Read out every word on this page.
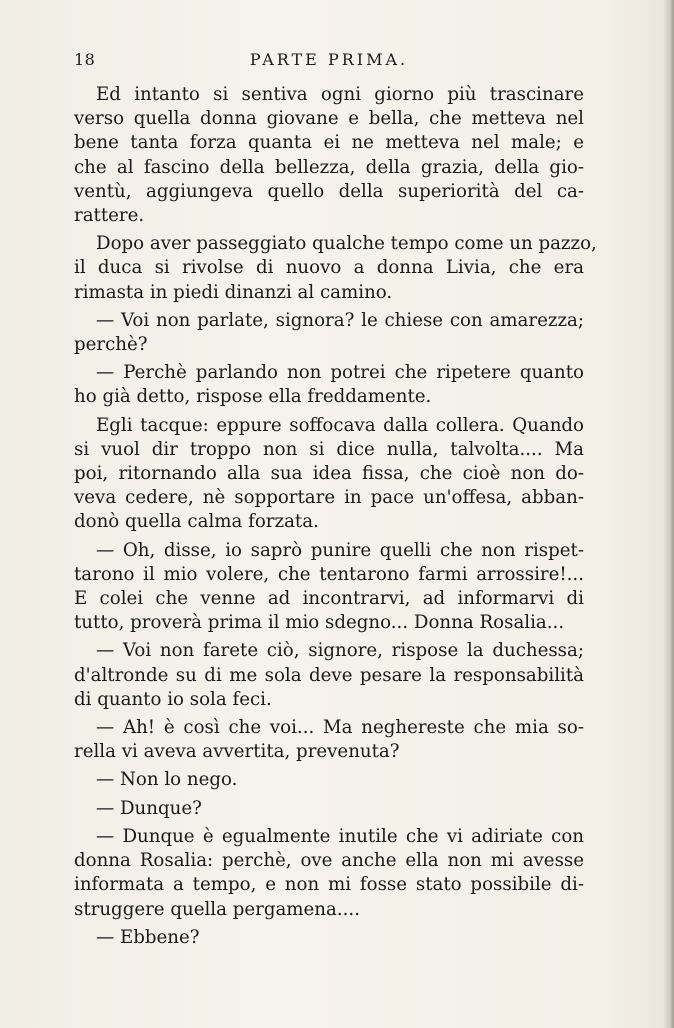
18	PARTE PRIMA.

Ed intanto si sentiva ogni giorno più trascinare
verso quella donna giovane e bella, che metteva nel
bene tanta forza quanta ei ne metteva nel male; e
che al fascino della bellezza, della grazia, della gio-
ventù, aggiungeva quello della superiorità del ca-
rattere.

Dopo aver passeggiato qualche tempo come un pazzo,
il duca si rivolse di nuovo a donna Livia, che era
rimasta in piedi dinanzi al camino.

— Voi non parlate, signora? le chiese con amarezza;
perchè?

— Perchè parlando non potrei che ripetere quanto
ho già detto, rispose ella freddamente.

Egli tacque: eppure soffocava dalla collera. Quando
si vuol dir troppo non si dice nulla, talvolta.... Ma
poi, ritornando alla sua idea fissa, che cioè non do-
veva cedere, nè sopportare in pace un'offesa, abban-
donò quella calma forzata.

— Oh, disse, io saprò punire quelli che non rispet-
tarono il mio volere, che tentarono farmi arrossire!...
E colei che venne ad incontrarvi, ad informarvi di
tutto, proverà prima il mio sdegno... Donna Rosalia...

— Voi non farete ciò, signore, rispose la duchessa;
d'altronde su di me sola deve pesare la responsabilità
di quanto io sola feci.

— Ah! è così che voi... Ma neghereste che mia so-
rella vi aveva avvertita, prevenuta?

— Non lo nego.

— Dunque?

— Dunque è egualmente inutile che vi adiriate con
donna Rosalia: perchè, ove anche ella non mi avesse
informata a tempo, e non mi fosse stato possibile di-
struggere quella pergamena....

— Ebbene?
